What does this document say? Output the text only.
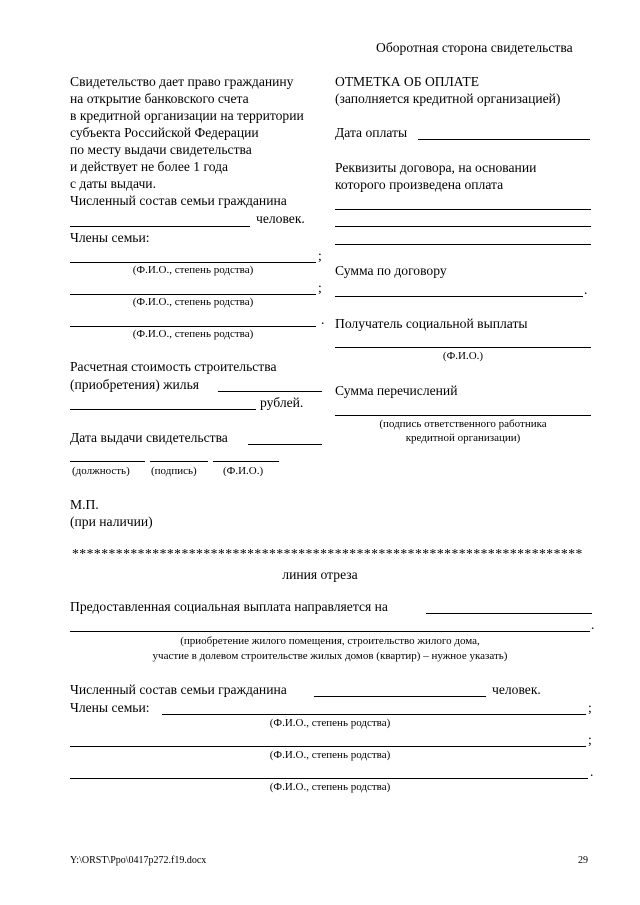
Оборотная сторона свидетельства
Свидетельство дает право гражданину
на открытие банковского счета
в кредитной организации на территории
субъекта Российской Федерации
по месту выдачи свидетельства
и действует не более 1 года
с даты выдачи.
Численный состав семьи гражданина
человек.
Члены семьи:
;
(Ф.И.О., степень родства)
;
(Ф.И.О., степень родства)
.
(Ф.И.О., степень родства)
Расчетная стоимость строительства
(приобретения) жилья
рублей.
Дата выдачи свидетельства
(должность) (подпись) (Ф.И.О.)
М.П.
(при наличии)
ОТМЕТКА ОБ ОПЛАТЕ
(заполняется кредитной организацией)
Дата оплаты
Реквизиты договора, на основании
которого произведена оплата
Сумма по договору
.
Получатель социальной выплаты
(Ф.И.О.)
Сумма перечислений
(подпись ответственного работника
кредитной организации)
**********************************************************************
линия отреза
Предоставленная социальная выплата направляется на
.
(приобретение жилого помещения, строительство жилого дома,
участие в долевом строительстве жилых домов (квартир) – нужное указать)
Численный состав семьи гражданина	человек.
Члены семьи:	;
(Ф.И.О., степень родства)
;
(Ф.И.О., степень родства)
.
(Ф.И.О., степень родства)
Y:\ORST\Ppo\0417p272.f19.docx	29
